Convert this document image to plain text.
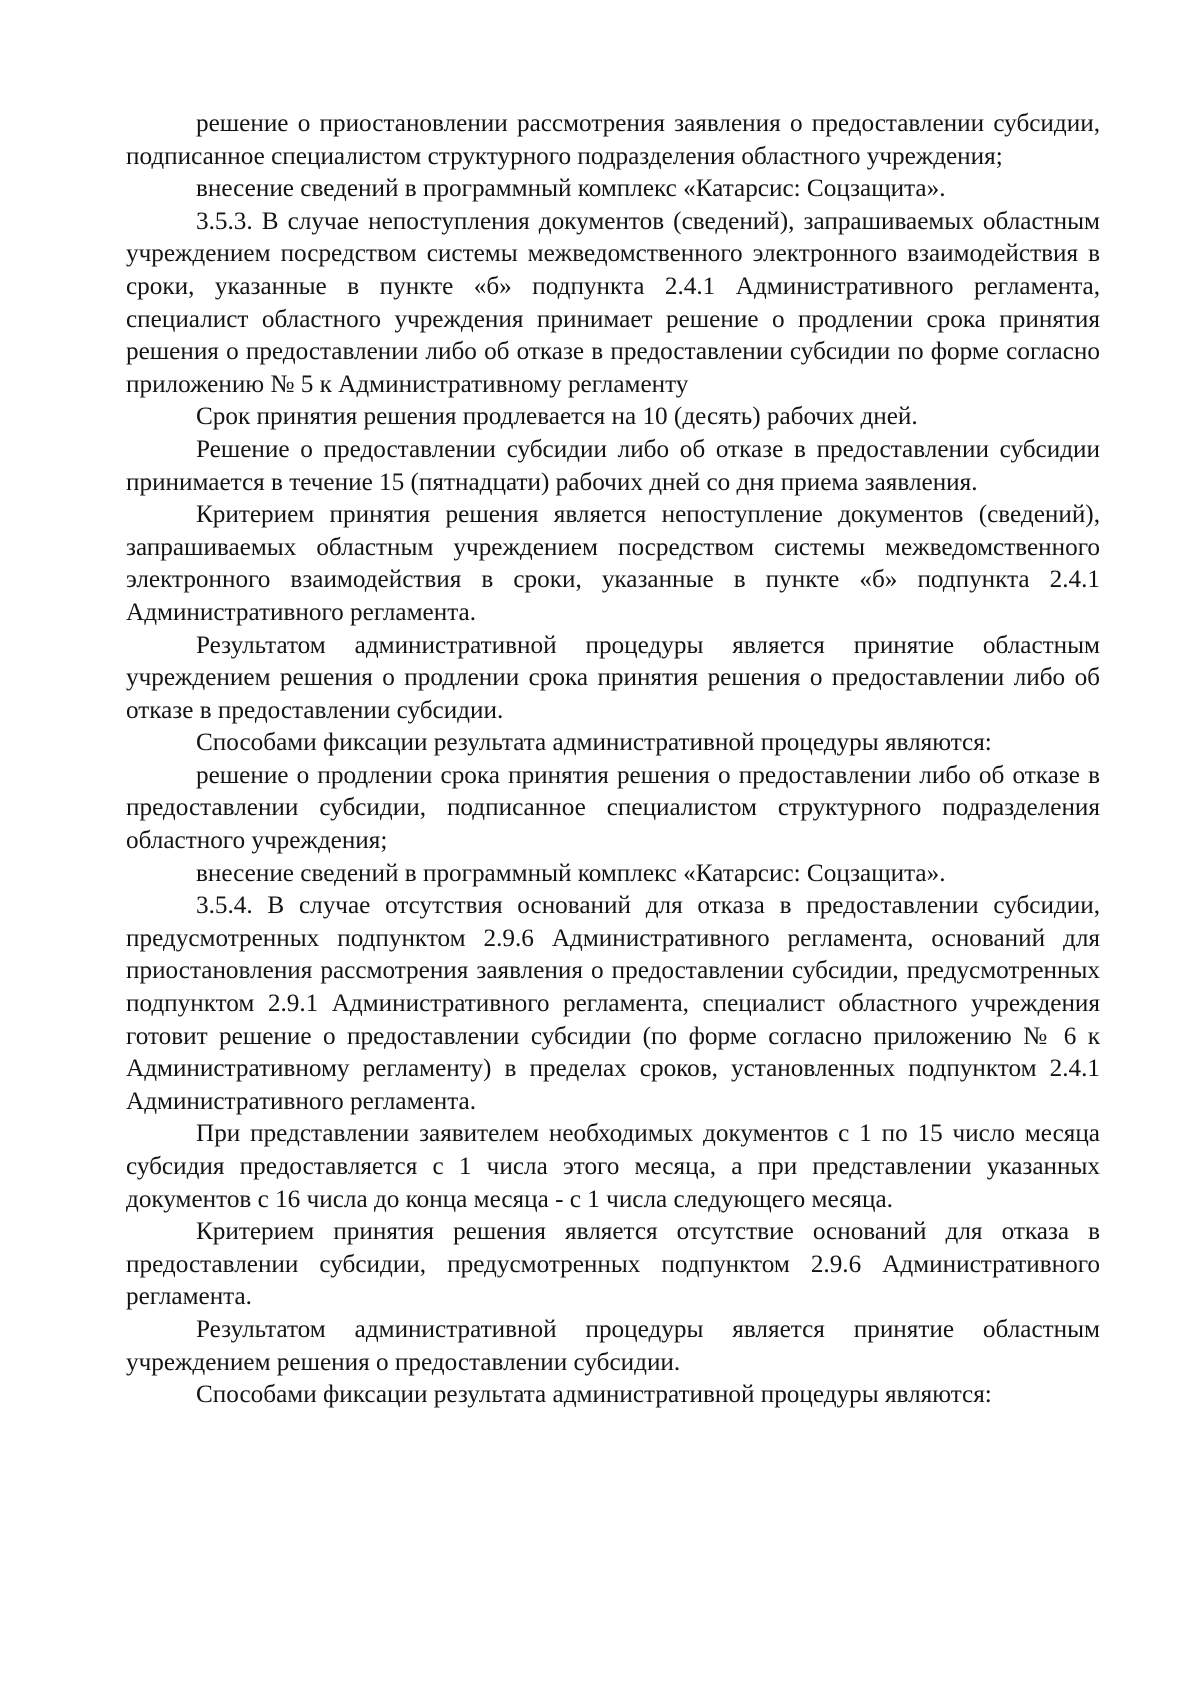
решение о приостановлении рассмотрения заявления о предоставлении субсидии, подписанное специалистом структурного подразделения областного учреждения;

внесение сведений в программный комплекс «Катарсис: Соцзащита».

3.5.3. В случае непоступления документов (сведений), запрашиваемых областным учреждением посредством системы межведомственного электронного взаимодействия в сроки, указанные в пункте «б» подпункта 2.4.1 Административного регламента, специалист областного учреждения принимает решение о продлении срока принятия решения о предоставлении либо об отказе в предоставлении субсидии по форме согласно приложению № 5 к Административному регламенту

Срок принятия решения продлевается на 10 (десять) рабочих дней.

Решение о предоставлении субсидии либо об отказе в предоставлении субсидии принимается в течение 15 (пятнадцати) рабочих дней со дня приема заявления.

Критерием принятия решения является непоступление документов (сведений), запрашиваемых областным учреждением посредством системы межведомственного электронного взаимодействия в сроки, указанные в пункте «б» подпункта 2.4.1 Административного регламента.

Результатом административной процедуры является принятие областным учреждением решения о продлении срока принятия решения о предоставлении либо об отказе в предоставлении субсидии.

Способами фиксации результата административной процедуры являются:

решение о продлении срока принятия решения о предоставлении либо об отказе в предоставлении субсидии, подписанное специалистом структурного подразделения областного учреждения;

внесение сведений в программный комплекс «Катарсис: Соцзащита».

3.5.4. В случае отсутствия оснований для отказа в предоставлении субсидии, предусмотренных подпунктом 2.9.6 Административного регламента, оснований для приостановления рассмотрения заявления о предоставлении субсидии, предусмотренных подпунктом 2.9.1 Административного регламента, специалист областного учреждения готовит решение о предоставлении субсидии (по форме согласно приложению № 6 к Административному регламенту) в пределах сроков, установленных подпунктом 2.4.1 Административного регламента.

При представлении заявителем необходимых документов с 1 по 15 число месяца субсидия предоставляется с 1 числа этого месяца, а при представлении указанных документов с 16 числа до конца месяца - с 1 числа следующего месяца.

Критерием принятия решения является отсутствие оснований для отказа в предоставлении субсидии, предусмотренных подпунктом 2.9.6 Административного регламента.

Результатом административной процедуры является принятие областным учреждением решения о предоставлении субсидии.

Способами фиксации результата административной процедуры являются:
